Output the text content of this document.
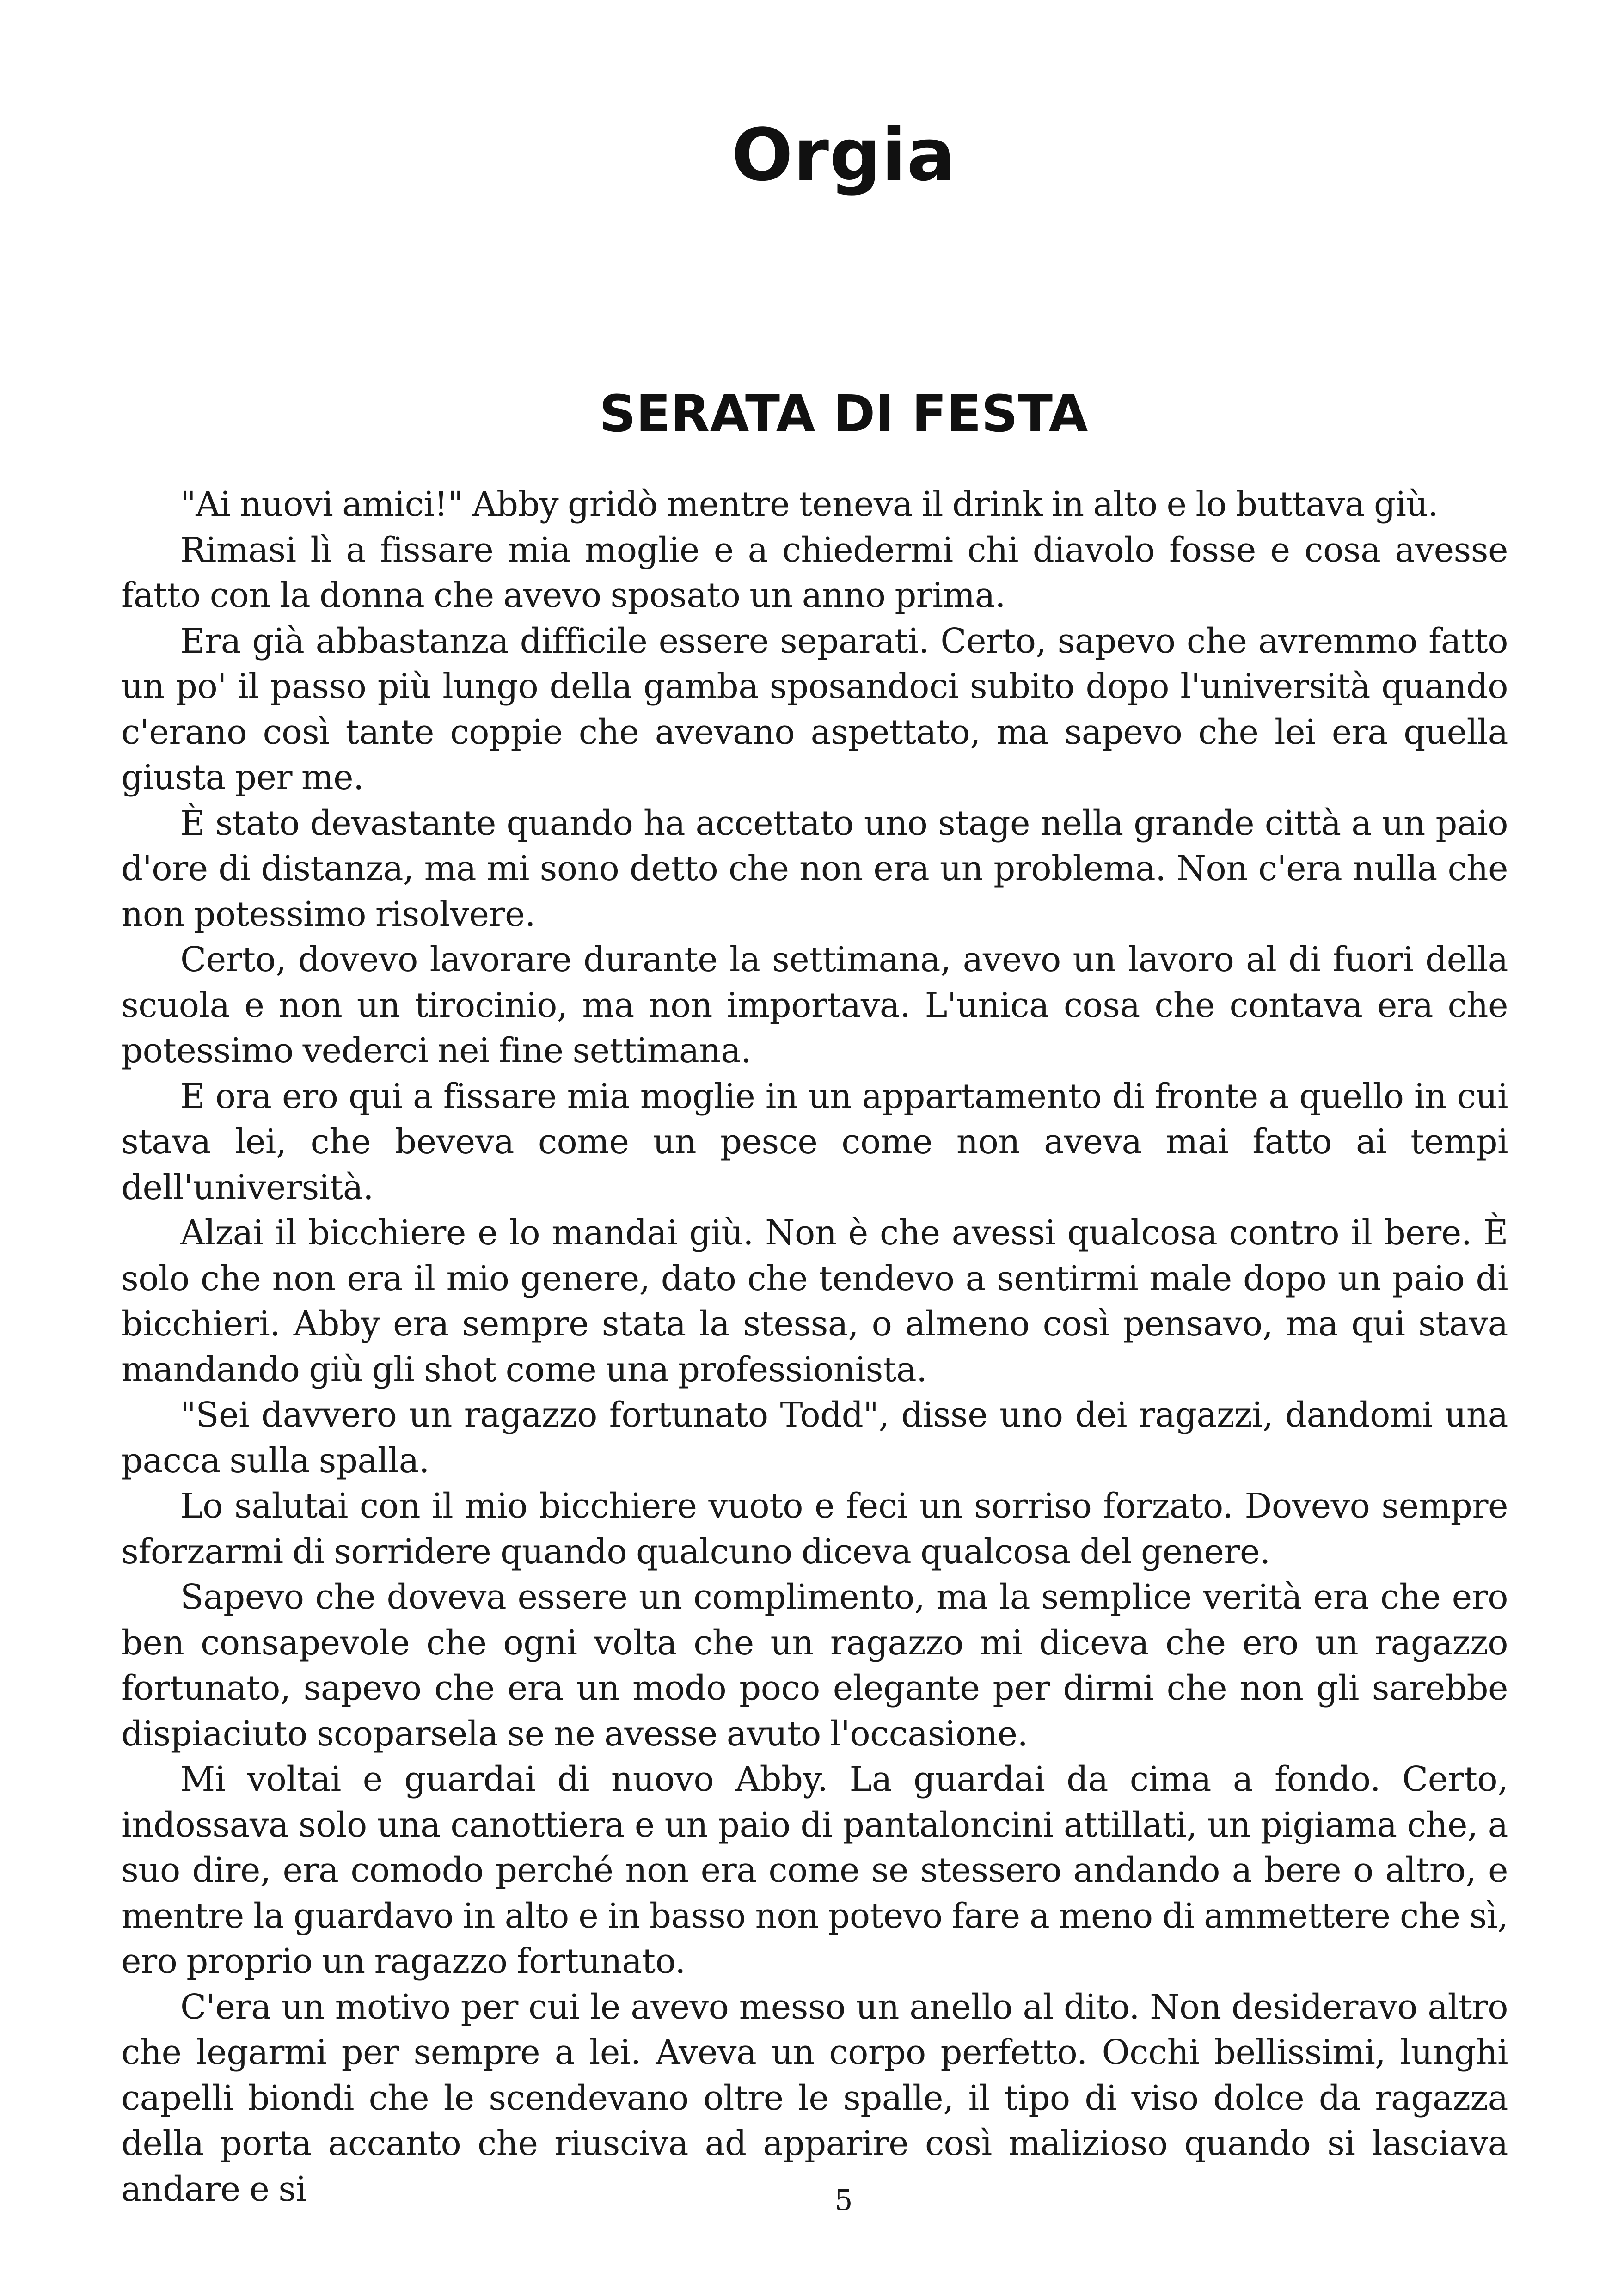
Orgia
SERATA DI FESTA

"Ai nuovi amici!" Abby gridò mentre teneva il drink in alto e lo buttava giù.

Rimasi lì a fissare mia moglie e a chiedermi chi diavolo fosse e cosa avesse fatto con la donna che avevo sposato un anno prima.

Era già abbastanza difficile essere separati. Certo, sapevo che avremmo fatto un po' il passo più lungo della gamba sposandoci subito dopo l'università quando c'erano così tante coppie che avevano aspettato, ma sapevo che lei era quella giusta per me.

È stato devastante quando ha accettato uno stage nella grande città a un paio d'ore di distanza, ma mi sono detto che non era un problema. Non c'era nulla che non potessimo risolvere.

Certo, dovevo lavorare durante la settimana, avevo un lavoro al di fuori della scuola e non un tirocinio, ma non importava. L'unica cosa che contava era che potessimo vederci nei fine settimana.

E ora ero qui a fissare mia moglie in un appartamento di fronte a quello in cui stava lei, che beveva come un pesce come non aveva mai fatto ai tempi dell'università.

Alzai il bicchiere e lo mandai giù. Non è che avessi qualcosa contro il bere. È solo che non era il mio genere, dato che tendevo a sentirmi male dopo un paio di bicchieri. Abby era sempre stata la stessa, o almeno così pensavo, ma qui stava mandando giù gli shot come una professionista.

"Sei davvero un ragazzo fortunato Todd", disse uno dei ragazzi, dandomi una pacca sulla spalla.

Lo salutai con il mio bicchiere vuoto e feci un sorriso forzato. Dovevo sempre sforzarmi di sorridere quando qualcuno diceva qualcosa del genere.

Sapevo che doveva essere un complimento, ma la semplice verità era che ero ben consapevole che ogni volta che un ragazzo mi diceva che ero un ragazzo fortunato, sapevo che era un modo poco elegante per dirmi che non gli sarebbe dispiaciuto scoparsela se ne avesse avuto l'occasione.

Mi voltai e guardai di nuovo Abby. La guardai da cima a fondo. Certo, indossava solo una canottiera e un paio di pantaloncini attillati, un pigiama che, a suo dire, era comodo perché non era come se stessero andando a bere o altro, e mentre la guardavo in alto e in basso non potevo fare a meno di ammettere che sì, ero proprio un ragazzo fortunato.

C'era un motivo per cui le avevo messo un anello al dito. Non desideravo altro che legarmi per sempre a lei. Aveva un corpo perfetto. Occhi bellissimi, lunghi capelli biondi che le scendevano oltre le spalle, il tipo di viso dolce da ragazza della porta accanto che riusciva ad apparire così malizioso quando si lasciava andare e si	5
